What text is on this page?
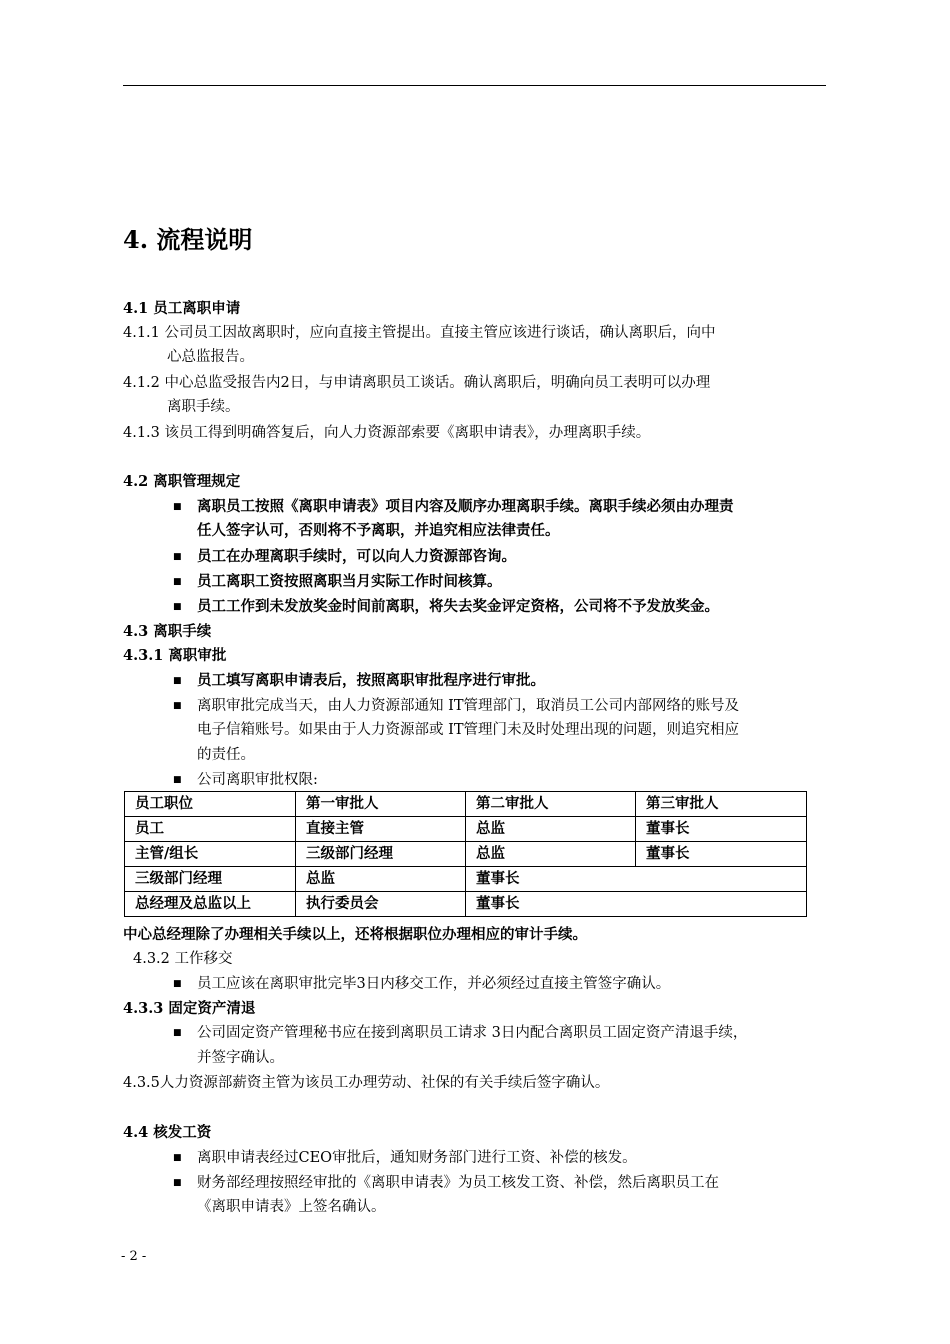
4. 流程说明
4.1 员工离职申请
4.1.1 公司员工因故离职时，应向直接主管提出。直接主管应该进行谈话，确认离职后，向中
心总监报告。
4.1.2 中心总监受报告内2日，与申请离职员工谈话。确认离职后，明确向员工表明可以办理
离职手续。
4.1.3 该员工得到明确答复后，向人力资源部索要《离职申请表》，办理离职手续。
4.2 离职管理规定
■ 离职员工按照《离职申请表》项目内容及顺序办理离职手续。离职手续必须由办理责
任人签字认可，否则将不予离职，并追究相应法律责任。
■ 员工在办理离职手续时，可以向人力资源部咨询。
■ 员工离职工资按照离职当月实际工作时间核算。
■ 员工工作到未发放奖金时间前离职，将失去奖金评定资格，公司将不予发放奖金。
4.3 离职手续
4.3.1 离职审批
■ 员工填写离职申请表后，按照离职审批程序进行审批。
■ 离职审批完成当天，由人力资源部通知 IT管理部门，取消员工公司内部网络的账号及
电子信箱账号。如果由于人力资源部或 IT管理门未及时处理出现的问题，则追究相应
的责任。
■ 公司离职审批权限:
员工职位	第一审批人	第二审批人	第三审批人
员工	直接主管	总监	董事长
主管/组长	三级部门经理	总监	董事长
三级部门经理	总监	董事长	
总经理及总监以上	执行委员会	董事长	
中心总经理除了办理相关手续以上，还将根据职位办理相应的审计手续。
4.3.2 工作移交
■ 员工应该在离职审批完毕3日内移交工作，并必须经过直接主管签字确认。
4.3.3 固定资产清退
■ 公司固定资产管理秘书应在接到离职员工请求 3日内配合离职员工固定资产清退手续，
并签字确认。
4.3.5人力资源部薪资主管为该员工办理劳动、社保的有关手续后签字确认。
4.4 核发工资
■ 离职申请表经过CEO审批后，通知财务部门进行工资、补偿的核发。
■ 财务部经理按照经审批的《离职申请表》为员工核发工资、补偿，然后离职员工在
《离职申请表》上签名确认。
- 2 -
